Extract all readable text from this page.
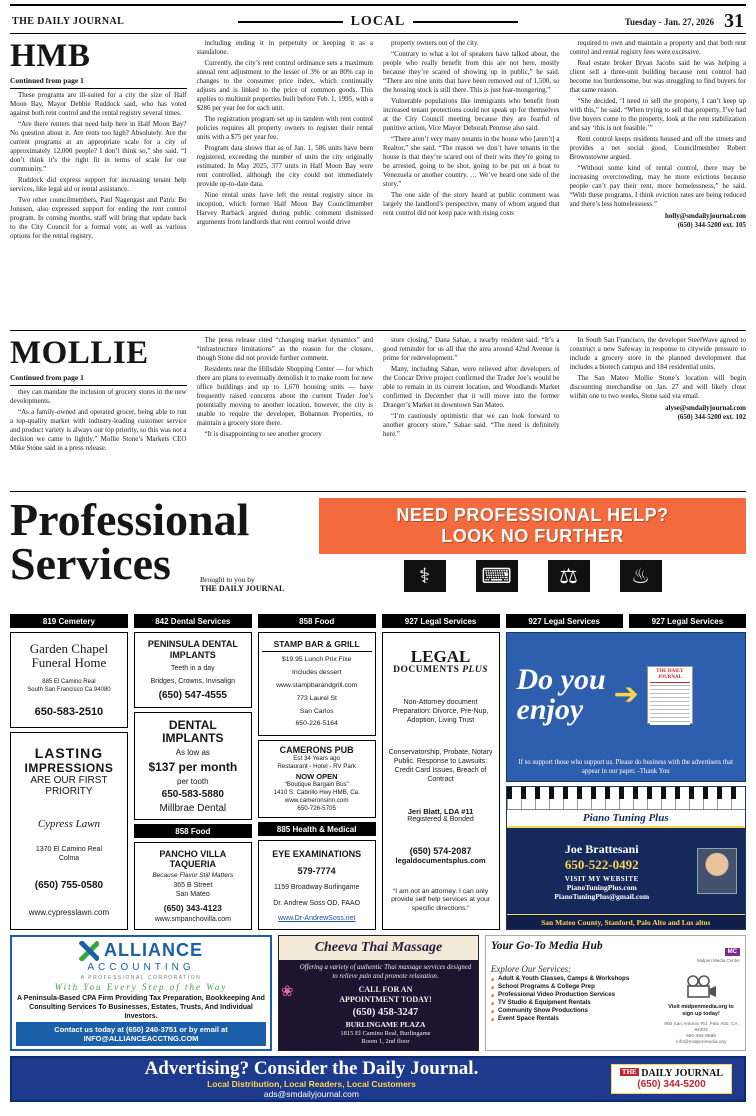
THE DAILY JOURNAL	LOCAL	Tuesday - Jan. 27, 2026 31
HMB
Continued from page 1

These programs are ill-suited for a city the size of Half Moon Bay, Mayor Debbie Ruddock said, who has voted against both rent control and the rental registry several times.

“Are there renters that need help here in Half Moon Bay? No question about it. Are rents too high? Absolutely. Are the current programs at an appropriate scale for a city of approximately 12,000 people? I don’t think so,” she said. “I don’t think it’s the right fit in terms of scale for our community.”

Ruddock did express support for increasing tenant help services, like legal aid or rental assistance.

Two other councilmembers, Paul Nagengast and Patric Bo Jonsson, also expressed support for ending the rent control program. In coming months, staff will bring that update back to the City Council for a formal vote, as well as various options for the rental registry,

including ending it in perpetuity or keeping it as a standalone.

Currently, the city’s rent control ordinance sets a maximum annual rent adjustment to the lesser of 3% or an 80% cap in changes to the consumer price index, which continually adjusts and is linked to the price of common goods. This applies to multiunit properties built before Feb. 1, 1995, with a $286 per year fee for each unit.

The registration program set up in tandem with rent control policies requires all property owners to register their rental units with a $75 per year fee.

Program data shows that as of Jan. 1, 586 units have been registered, exceeding the number of units the city originally estimated. In May 2025, 377 units in Half Moon Bay were rent controlled, although the city could not immediately provide up-to-date data.

Nine rental units have left the rental registry since its inception, which former Half Moon Bay Councilmember Harvey Rarback argued during public comment dismissed arguments from landlords that rent control would drive

property owners out of the city.

“Contrary to what a lot of speakers have talked about, the people who really benefit from this are not here, mostly because they’re scared of showing up in public,” he said. “There are nine units that have been removed out of 1,500, so the housing stock is still there. This is just fear-mongering.”

Vulnerable populations like immigrants who benefit from increased tenant protections could not speak up for themselves at the City Council meeting because they are fearful of punitive action, Vice Mayor Deborah Penrose also said.

“There aren’t very many tenants in the house who [aren’t] a Realtor,” she said. “The reason we don’t have tenants in the house is that they’re scared out of their wits they’re going to be arrested, going to be shot, going to be put on a boat to Venezuela or another country. … We’ve heard one side of the story.”

The one side of the story heard at public comment was largely the landlord’s perspective, many of whom argued that rent control did not keep pace with rising costs

required to own and maintain a property and that both rent control and rental registry fees were excessive.

Real estate broker Bryan Jacobs said he was helping a client sell a three-unit building because rent control had become too burdensome, but was struggling to find buyers for that same reason.

“She decided, ‘I need to sell the property, I can’t keep up with this,” he said. “When trying to sell that property, I’ve had five buyers come to the property, look at the rent stabilization and say ‘this is not feasible.’”

Rent control keeps residents housed and off the streets and provides a net social good, Councilmember Robert Brownstowne argued.

“Without some kind of rental control, there may be increasing overcrowding, may be more evictions because people can’t pay their rent, more homelessness,” he said. “With these programs, I think eviction rates are being reduced and there’s less homelessness.”

holly@smdailyjournal.com
(650) 344-5200 ext. 105
MOLLIE
Continued from page 1

they can mandate the inclusion of grocery stores in the new developments.

“As a family-owned and operated grocer, being able to run a top-quality market with industry-leading customer service and product variety is always our top priority, so this was not a decision we came to lightly,” Mollie Stone’s Markets CEO Mike Stone said in a press release.

The press release cited “changing market dynamics” and “infrastructure limitations” as the reason for the closure, though Stone did not provide further comment.

Residents near the Hillsdale Shopping Center — for which there are plans to eventually demolish it to make room for new office buildings and up to 1,670 housing units — have frequently raised concerns about the current Trader Joe’s potentially moving to another location, however, the city is unable to require the developer, Bohannon Properties, to maintain a grocery store there.

“It is disappointing to see another grocery

store closing,” Dana Sahae, a nearby resident said. “It’s a good reminder for us all that the area around 42nd Avenue is prime for redevelopment.”

Many, including Sahae, were relieved after developers of the Concar Drive project confirmed the Trader Joe’s would be able to remain in its current location, and Woodlands Market confirmed in December that it will move into the former Draeger’s Market in downtown San Mateo.

“I’m cautiously optimistic that we can look forward to another grocery store,” Sahae said. “The need is definitely here.”

In South San Francisco, the developer SteelWave agreed to construct a new Safeway in response to citywide pressure to include a grocery store in the planned development that includes a biotech campus and 184 residential units.

The San Mateo Mollie Stone’s location will begin discounting merchandise on Jan. 27 and will likely close within one to two weeks, Stone said via email.

alyse@smdailyjournal.com
(650) 344-5200 ext. 102
Professional
Services	Brought to you by
THE DAILY JOURNAL
NEED PROFESSIONAL HELP?
LOOK NO FURTHER
⚕ ⌨ ⚖	♨
819 Cemetery
Garden Chapel
Funeral Home
885 El Camino Real
South San Francisco Ca 94080
650-583-2510
LASTING
IMPRESSIONS
ARE OUR FIRST
PRIORITY
Cypress Lawn
1370 El Camino Real
Colma
(650) 755-0580
www.cypresslawn.com
842 Dental Services
PENINSULA DENTAL
IMPLANTS
Teeth in a day
Bridges, Crowns, Invisalign
(650) 547-4555
DENTAL
IMPLANTS
As low as
$137 per month
per tooth
650-583-5880
Millbrae Dental
858 Food
PANCHO VILLA
TAQUERIA
Because Flavor Still Matters
365 B Street
San Mateo
(650) 343-4123
www.smpanchovilla.com
858 Food
STAMP BAR & GRILL
$19.95 Lunch Prix Fixe
Includes dessert
www.stampbarandgrill.com
773 Laurel St
San Carlos
650-226-5164
CAMERONS PUB
Est 34 Years ago
Restaurant - Hotel - RV Park
NOW OPEN
“Boutique Bargain Bus”
1410 S. Cabrillo Hwy HMB, Ca.
www.cameronsinn.com
650-726-5705
885 Health & Medical
EYE EXAMINATIONS
579-7774
1159 Broadway Burlingame
Dr. Andrew Soss OD, FAAO
www.Dr-AndrewSoss.net
927 Legal Services
LEGAL
DOCUMENTS PLUS
Non-Attorney document Preparation: Divorce, Pre-Nup, Adoption, Living Trust
Conservatorship, Probate, Notary Public. Response to Lawsuits: Credit Card Issues, Breach of Contract
Jeri Blatt, LDA #11
Registered & Bonded
(650) 574-2087
legaldocumentsplus.com
“I am not an attorney. I can only provide self help services at your specific directions.”
927 Legal Services	927 Legal Services
Do you
enjoy	➔
THE DAILY JOURNAL
If so support those who support us. Please do business with the advertisers that appear in our paper. -Thank You
Piano Tuning Plus
Joe Brattesani
650-522-0492
VISIT MY WEBSITE
PianoTuningPlus.com
PianoTuningPlus@gmail.com
San Mateo County, Stanford, Palo Alto and Los altos
ALLIANCE
ACCOUNTING
A PROFESSIONAL CORPORATION
With You Every Step of the Way
A Peninsula-Based CPA Firm Providing Tax Preparation, Bookkeeping And Consulting Services To Businesses, Estates, Trusts, And Individual Investors.
Contact us today at (650) 240-3751 or by email at INFO@ALLIANCEACCTNG.COM
Cheeva Thai Massage
❀
Offering a variety of authentic Thai massage services designed to relieve pain and promote relaxation.
CALL FOR AN
APPOINTMENT TODAY!
(650) 458-3247
BURLINGAME PLAZA
1815 El Camino Real, Burlingame
Room 1, 2nd floor
Your Go-To Media Hub	MC
Midpen Media Center
Explore Our Services:
■ Adult & Youth Classes, Camps & Workshops
■ School Programs & College Prep
■ Professional Video Production Services
■ TV Studio & Equipment Rentals
■ Community Show Productions
■ Event Space Rentals
Visit midpenmedia.org to sign up today!
900 San Antonio Rd. Palo Alto, CA 94303
650-494-8686
info@midpenmedia.org
Advertising? Consider the Daily Journal.
Local Distribution, Local Readers, Local Customers
ads@smdailyjournal.com
$^{THE}$ DAILY JOURNAL
(650) 344-5200
